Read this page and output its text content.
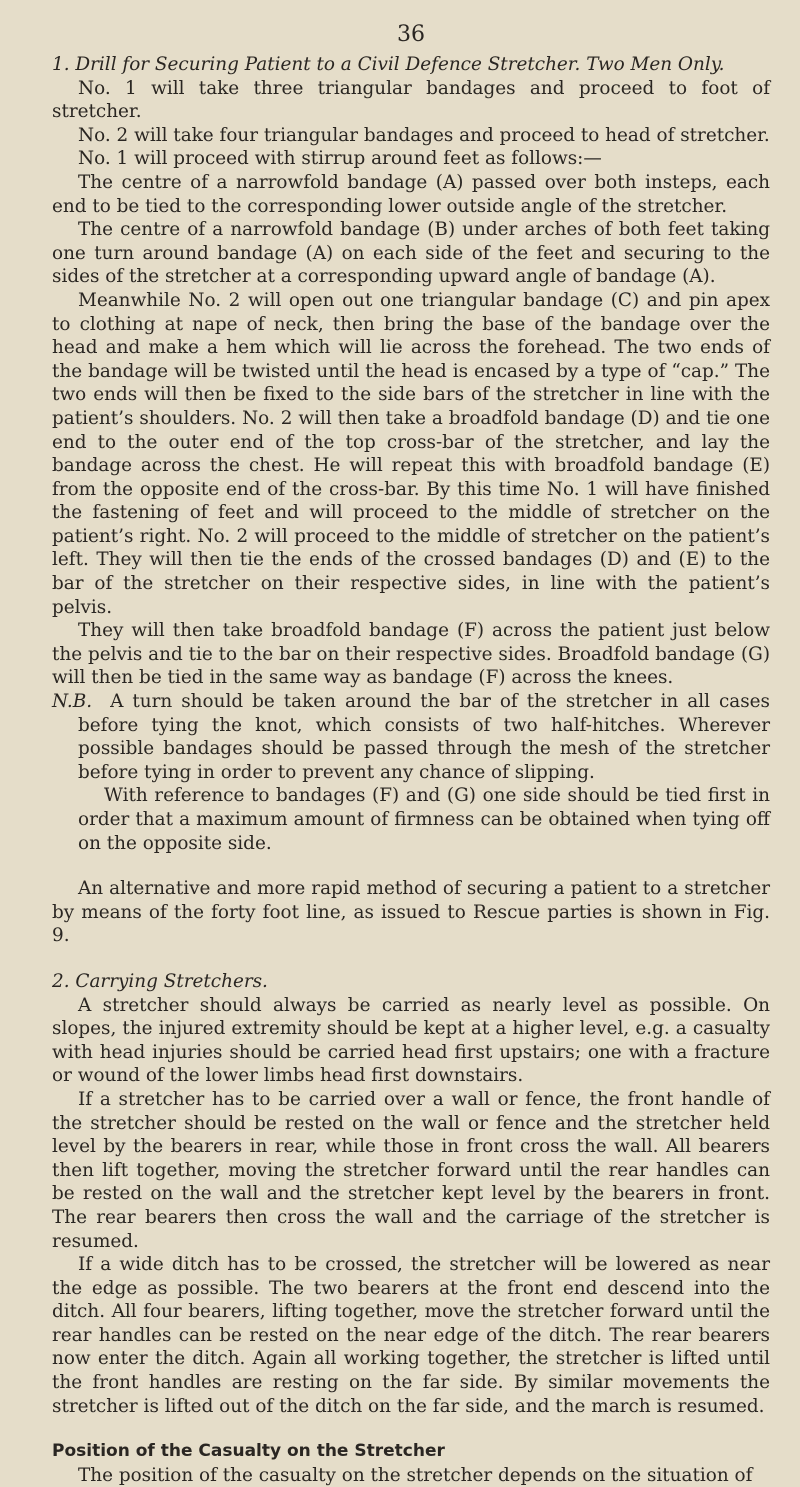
36

1. Drill for Securing Patient to a Civil Defence Stretcher. Two Men Only.

No. 1 will take three triangular bandages and proceed to foot of stretcher.

No. 2 will take four triangular bandages and proceed to head of stretcher.

No. 1 will proceed with stirrup around feet as follows:—

The centre of a narrowfold bandage (A) passed over both insteps, each end to be tied to the corresponding lower outside angle of the stretcher.

The centre of a narrowfold bandage (B) under arches of both feet taking one turn around bandage (A) on each side of the feet and securing to the sides of the stretcher at a corresponding upward angle of bandage (A).

Meanwhile No. 2 will open out one triangular bandage (C) and pin apex to clothing at nape of neck, then bring the base of the bandage over the head and make a hem which will lie across the forehead. The two ends of the bandage will be twisted until the head is encased by a type of “cap.” The two ends will then be fixed to the side bars of the stretcher in line with the patient’s shoulders. No. 2 will then take a broadfold bandage (D) and tie one end to the outer end of the top cross-bar of the stretcher, and lay the bandage across the chest. He will repeat this with broadfold bandage (E) from the opposite end of the cross-bar. By this time No. 1 will have finished the fastening of feet and will proceed to the middle of stretcher on the patient’s right. No. 2 will proceed to the middle of stretcher on the patient’s left. They will then tie the ends of the crossed bandages (D) and (E) to the bar of the stretcher on their respective sides, in line with the patient’s pelvis.

They will then take broadfold bandage (F) across the patient just below the pelvis and tie to the bar on their respective sides. Broadfold bandage (G) will then be tied in the same way as bandage (F) across the knees.

N.B. A turn should be taken around the bar of the stretcher in all cases before tying the knot, which consists of two half-hitches. Wherever possible bandages should be passed through the mesh of the stretcher before tying in order to prevent any chance of slipping.

With reference to bandages (F) and (G) one side should be tied first in order that a maximum amount of firmness can be obtained when tying off on the opposite side.

An alternative and more rapid method of securing a patient to a stretcher by means of the forty foot line, as issued to Rescue parties is shown in Fig. 9.

2. Carrying Stretchers.

A stretcher should always be carried as nearly level as possible. On slopes, the injured extremity should be kept at a higher level, e.g. a casualty with head injuries should be carried head first upstairs; one with a fracture or wound of the lower limbs head first downstairs.

If a stretcher has to be carried over a wall or fence, the front handle of the stretcher should be rested on the wall or fence and the stretcher held level by the bearers in rear, while those in front cross the wall. All bearers then lift together, moving the stretcher forward until the rear handles can be rested on the wall and the stretcher kept level by the bearers in front. The rear bearers then cross the wall and the carriage of the stretcher is resumed.

If a wide ditch has to be crossed, the stretcher will be lowered as near the edge as possible. The two bearers at the front end descend into the ditch. All four bearers, lifting together, move the stretcher forward until the rear handles can be rested on the near edge of the ditch. The rear bearers now enter the ditch. Again all working together, the stretcher is lifted until the front handles are resting on the far side. By similar movements the stretcher is lifted out of the ditch on the far side, and the march is resumed.

Position of the Casualty on the Stretcher

The position of the casualty on the stretcher depends on the situation of
